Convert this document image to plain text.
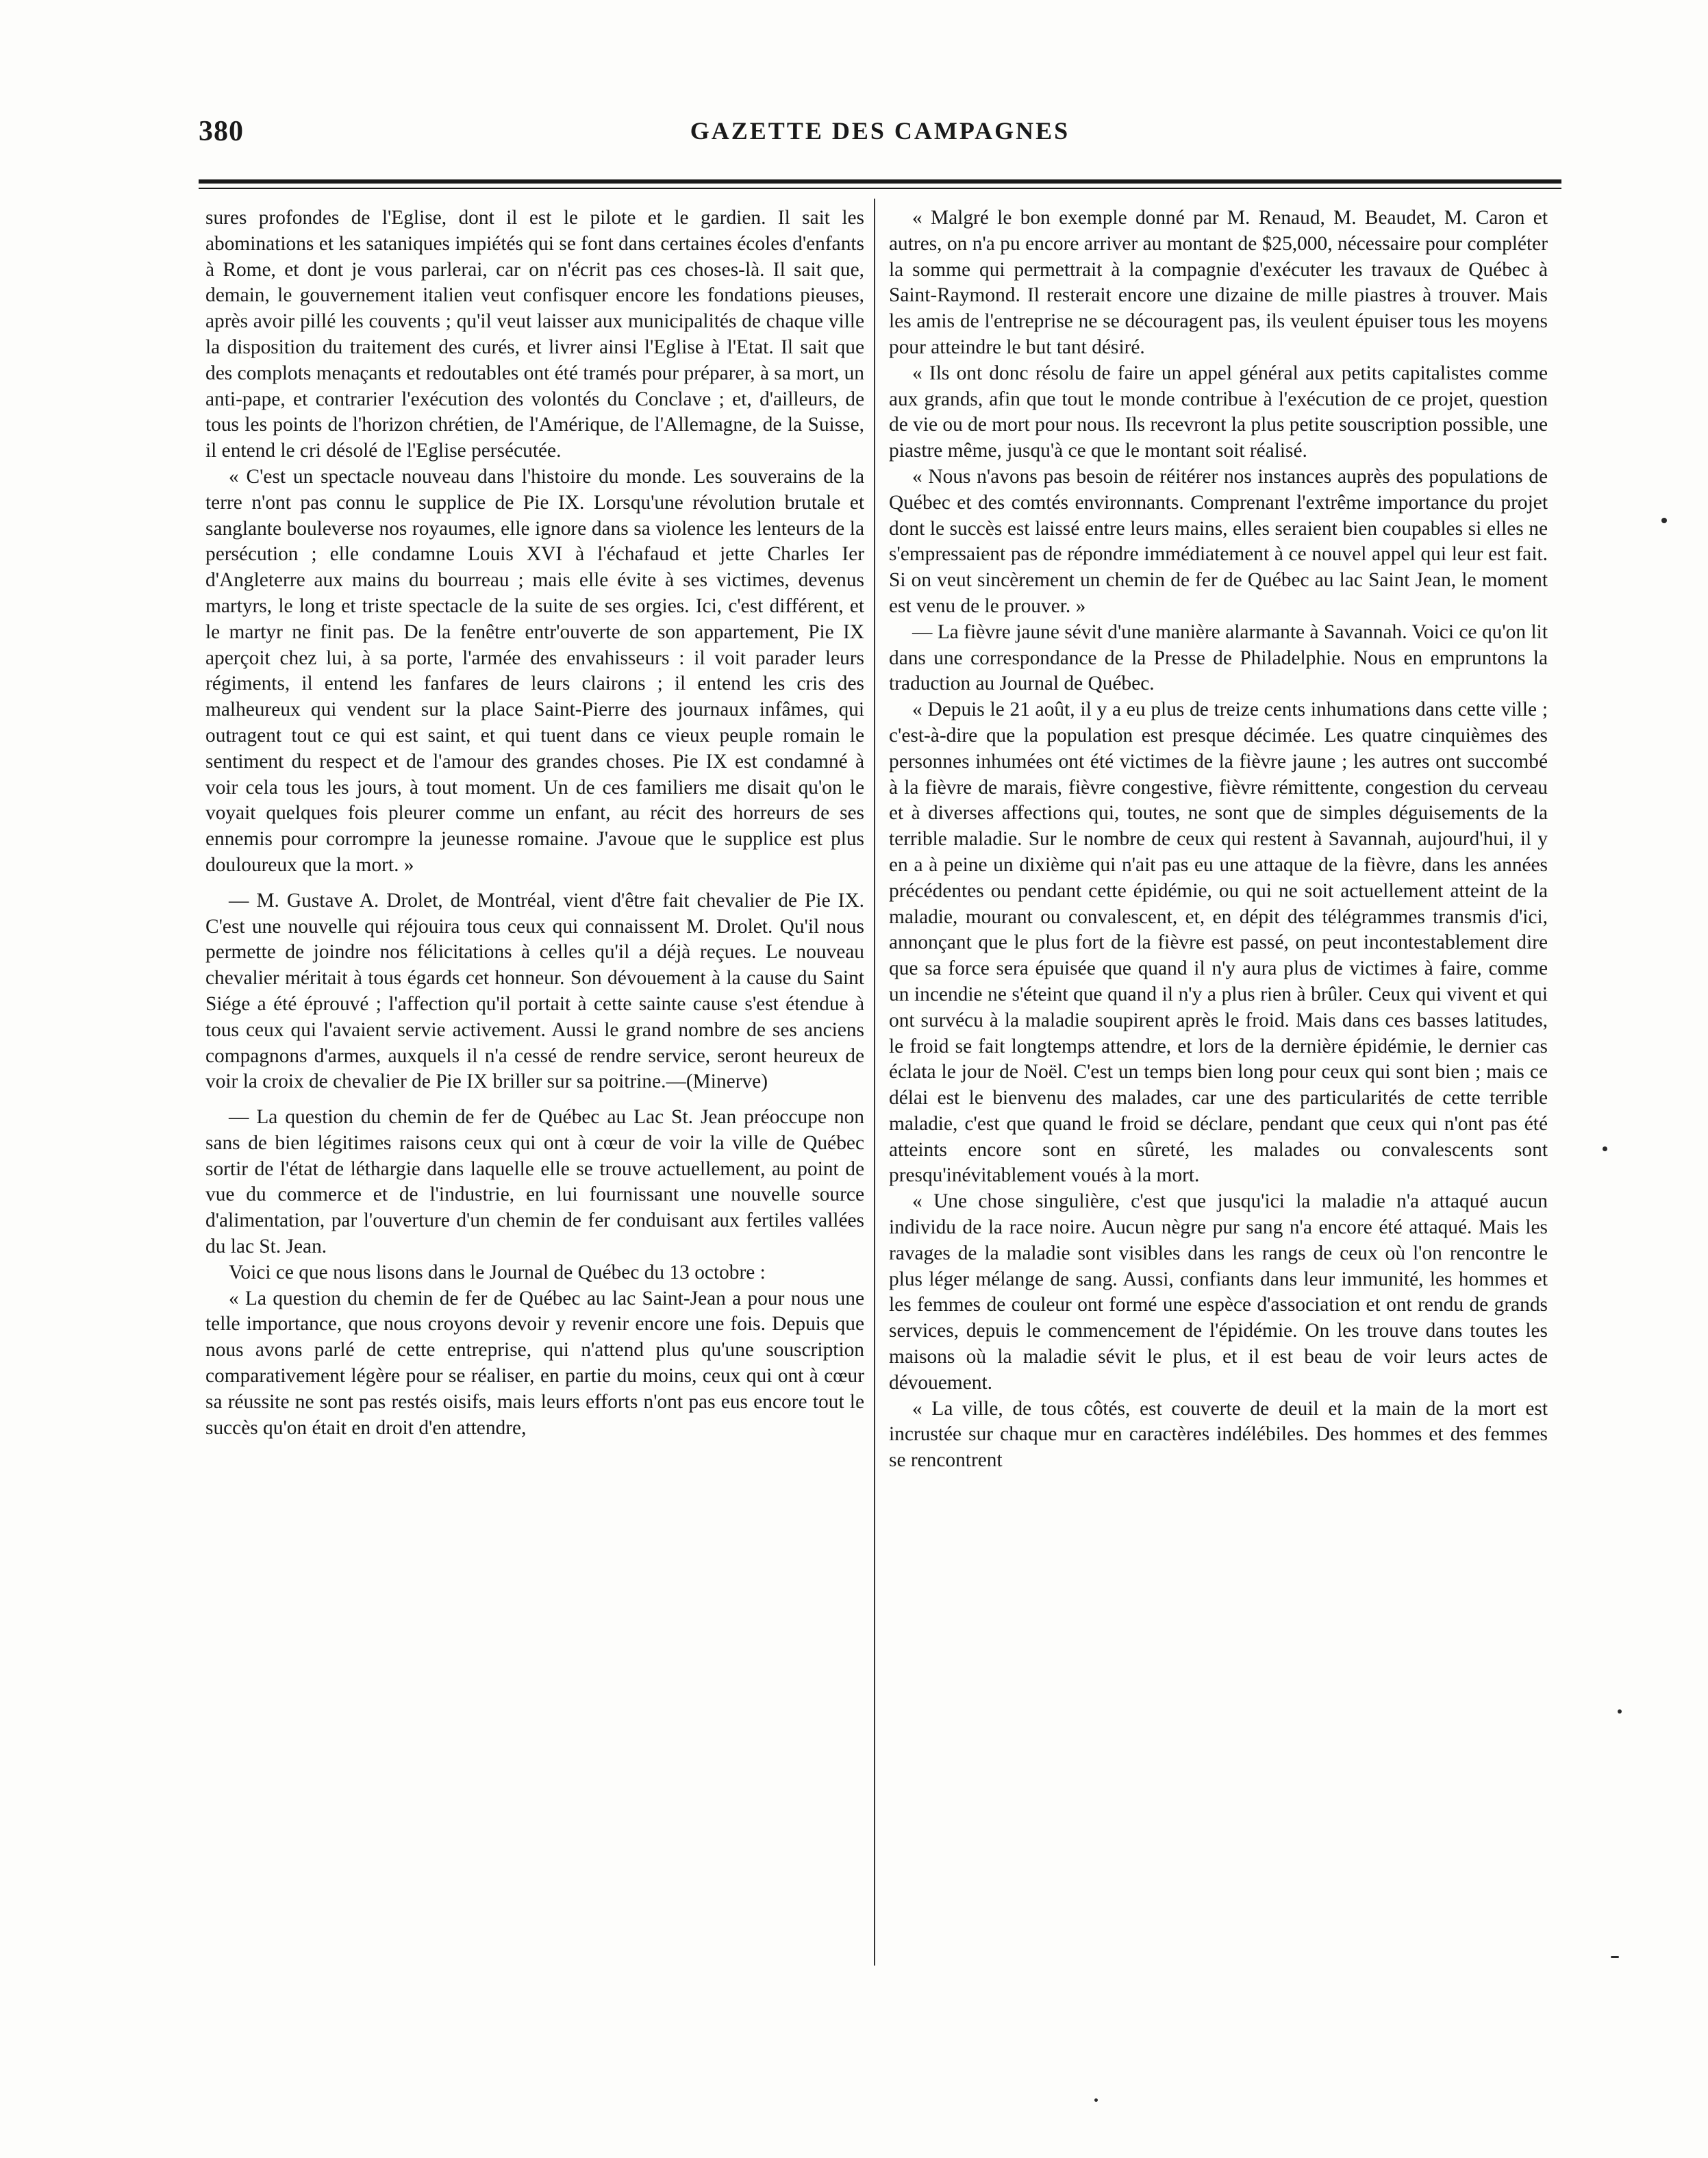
380	GAZETTE DES CAMPAGNES

sures profondes de l'Eglise, dont il est le pilote et le gardien. Il sait les abominations et les sataniques impiétés qui se font dans certaines écoles d'enfants à Rome, et dont je vous parlerai, car on n'écrit pas ces choses-là. Il sait que, demain, le gouvernement italien veut confisquer encore les fondations pieuses, après avoir pillé les couvents ; qu'il veut laisser aux municipalités de chaque ville la disposition du traitement des curés, et livrer ainsi l'Eglise à l'Etat. Il sait que des complots menaçants et redoutables ont été tramés pour préparer, à sa mort, un anti-pape, et contrarier l'exécution des volontés du Conclave ; et, d'ailleurs, de tous les points de l'horizon chrétien, de l'Amérique, de l'Allemagne, de la Suisse, il entend le cri désolé de l'Eglise persécutée.

« C'est un spectacle nouveau dans l'histoire du monde. Les souverains de la terre n'ont pas connu le supplice de Pie IX. Lorsqu'une révolution brutale et sanglante bouleverse nos royaumes, elle ignore dans sa violence les lenteurs de la persécution ; elle condamne Louis XVI à l'échafaud et jette Charles Ier d'Angleterre aux mains du bourreau ; mais elle évite à ses victimes, devenus martyrs, le long et triste spectacle de la suite de ses orgies. Ici, c'est différent, et le martyr ne finit pas. De la fenêtre entr'ouverte de son appartement, Pie IX aperçoit chez lui, à sa porte, l'armée des envahisseurs : il voit parader leurs régiments, il entend les fanfares de leurs clairons ; il entend les cris des malheureux qui vendent sur la place Saint-Pierre des journaux infâmes, qui outragent tout ce qui est saint, et qui tuent dans ce vieux peuple romain le sentiment du respect et de l'amour des grandes choses. Pie IX est condamné à voir cela tous les jours, à tout moment. Un de ces familiers me disait qu'on le voyait quelques fois pleurer comme un enfant, au récit des horreurs de ses ennemis pour corrompre la jeunesse romaine. J'avoue que le supplice est plus douloureux que la mort. »

— M. Gustave A. Drolet, de Montréal, vient d'être fait chevalier de Pie IX. C'est une nouvelle qui réjouira tous ceux qui connaissent M. Drolet. Qu'il nous permette de joindre nos félicitations à celles qu'il a déjà reçues. Le nouveau chevalier méritait à tous égards cet honneur. Son dévouement à la cause du Saint Siége a été éprouvé ; l'affection qu'il portait à cette sainte cause s'est étendue à tous ceux qui l'avaient servie activement. Aussi le grand nombre de ses anciens compagnons d'armes, auxquels il n'a cessé de rendre service, seront heureux de voir la croix de chevalier de Pie IX briller sur sa poitrine.—(Minerve)

— La question du chemin de fer de Québec au Lac St. Jean préoccupe non sans de bien légitimes raisons ceux qui ont à cœur de voir la ville de Québec sortir de l'état de léthargie dans laquelle elle se trouve actuellement, au point de vue du commerce et de l'industrie, en lui fournissant une nouvelle source d'alimentation, par l'ouverture d'un chemin de fer conduisant aux fertiles vallées du lac St. Jean.

Voici ce que nous lisons dans le Journal de Québec du 13 octobre :

« La question du chemin de fer de Québec au lac Saint-Jean a pour nous une telle importance, que nous croyons devoir y revenir encore une fois. Depuis que nous avons parlé de cette entreprise, qui n'attend plus qu'une souscription comparativement légère pour se réaliser, en partie du moins, ceux qui ont à cœur sa réussite ne sont pas restés oisifs, mais leurs efforts n'ont pas eus encore tout le succès qu'on était en droit d'en attendre,

« Malgré le bon exemple donné par M. Renaud, M. Beaudet, M. Caron et autres, on n'a pu encore arriver au montant de $25,000, nécessaire pour compléter la somme qui permettrait à la compagnie d'exécuter les travaux de Québec à Saint-Raymond. Il resterait encore une dizaine de mille piastres à trouver. Mais les amis de l'entreprise ne se découragent pas, ils veulent épuiser tous les moyens pour atteindre le but tant désiré.

« Ils ont donc résolu de faire un appel général aux petits capitalistes comme aux grands, afin que tout le monde contribue à l'exécution de ce projet, question de vie ou de mort pour nous. Ils recevront la plus petite souscription possible, une piastre même, jusqu'à ce que le montant soit réalisé.

« Nous n'avons pas besoin de réitérer nos instances auprès des populations de Québec et des comtés environnants. Comprenant l'extrême importance du projet dont le succès est laissé entre leurs mains, elles seraient bien coupables si elles ne s'empressaient pas de répondre immédiatement à ce nouvel appel qui leur est fait. Si on veut sincèrement un chemin de fer de Québec au lac Saint Jean, le moment est venu de le prouver. »

— La fièvre jaune sévit d'une manière alarmante à Savannah. Voici ce qu'on lit dans une correspondance de la Presse de Philadelphie. Nous en empruntons la traduction au Journal de Québec.

« Depuis le 21 août, il y a eu plus de treize cents inhumations dans cette ville ; c'est-à-dire que la population est presque décimée. Les quatre cinquièmes des personnes inhumées ont été victimes de la fièvre jaune ; les autres ont succombé à la fièvre de marais, fièvre congestive, fièvre rémittente, congestion du cerveau et à diverses affections qui, toutes, ne sont que de simples déguisements de la terrible maladie. Sur le nombre de ceux qui restent à Savannah, aujourd'hui, il y en a à peine un dixième qui n'ait pas eu une attaque de la fièvre, dans les années précédentes ou pendant cette épidémie, ou qui ne soit actuellement atteint de la maladie, mourant ou convalescent, et, en dépit des télégrammes transmis d'ici, annonçant que le plus fort de la fièvre est passé, on peut incontestablement dire que sa force sera épuisée que quand il n'y aura plus de victimes à faire, comme un incendie ne s'éteint que quand il n'y a plus rien à brûler. Ceux qui vivent et qui ont survécu à la maladie soupirent après le froid. Mais dans ces basses latitudes, le froid se fait longtemps attendre, et lors de la dernière épidémie, le dernier cas éclata le jour de Noël. C'est un temps bien long pour ceux qui sont bien ; mais ce délai est le bienvenu des malades, car une des particularités de cette terrible maladie, c'est que quand le froid se déclare, pendant que ceux qui n'ont pas été atteints encore sont en sûreté, les malades ou convalescents sont presqu'inévitablement voués à la mort.

« Une chose singulière, c'est que jusqu'ici la maladie n'a attaqué aucun individu de la race noire. Aucun nègre pur sang n'a encore été attaqué. Mais les ravages de la maladie sont visibles dans les rangs de ceux où l'on rencontre le plus léger mélange de sang. Aussi, confiants dans leur immunité, les hommes et les femmes de couleur ont formé une espèce d'association et ont rendu de grands services, depuis le commencement de l'épidémie. On les trouve dans toutes les maisons où la maladie sévit le plus, et il est beau de voir leurs actes de dévouement.

« La ville, de tous côtés, est couverte de deuil et la main de la mort est incrustée sur chaque mur en caractères indélébiles. Des hommes et des femmes se rencontrent
